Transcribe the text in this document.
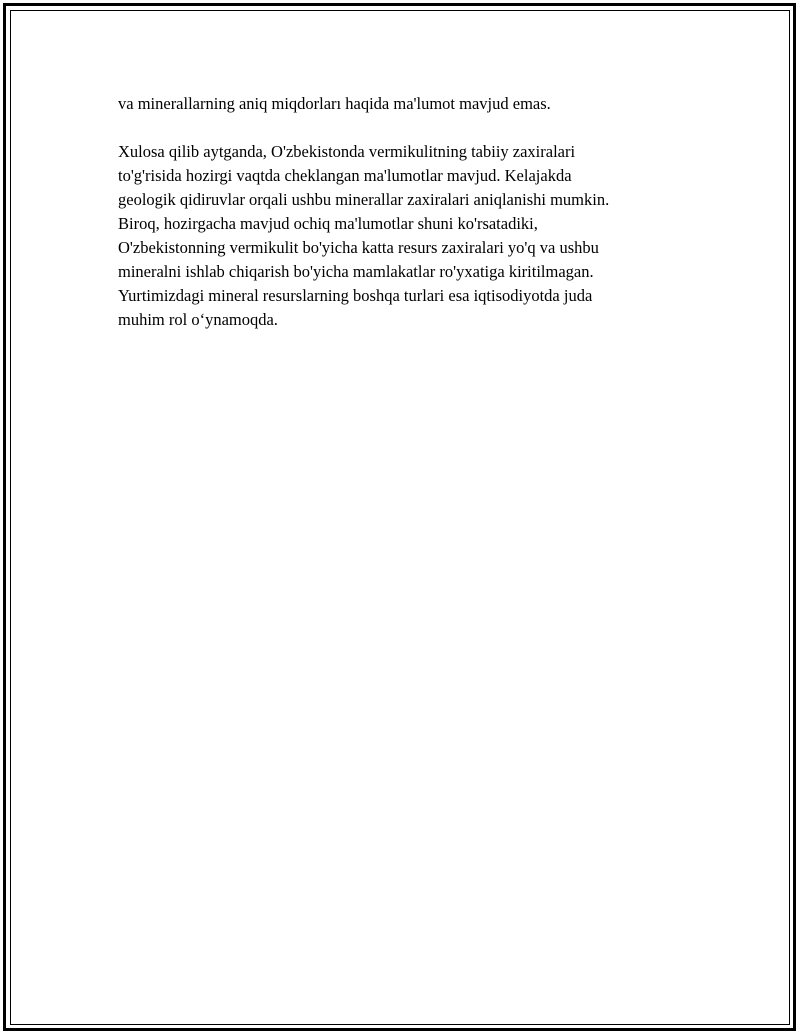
va minerallarning aniq miqdorları haqida ma'lumot mavjud emas.
Xulosa qilib aytganda, O'zbekistonda vermikulitning tabiiy zaxiralari
to'g'risida hozirgi vaqtda cheklangan ma'lumotlar mavjud. Kelajakda
geologik qidiruvlar orqali ushbu minerallar zaxiralari aniqlanishi mumkin.
Biroq, hozirgacha mavjud ochiq ma'lumotlar shuni ko'rsatadiki,
O'zbekistonning vermikulit bo'yicha katta resurs zaxiralari yo'q va ushbu
mineralni ishlab chiqarish bo'yicha mamlakatlar ro'yxatiga kiritilmagan.
Yurtimizdagi mineral resurslarning boshqa turlari esa iqtisodiyotda juda
muhim rol o‘ynamoqda.
